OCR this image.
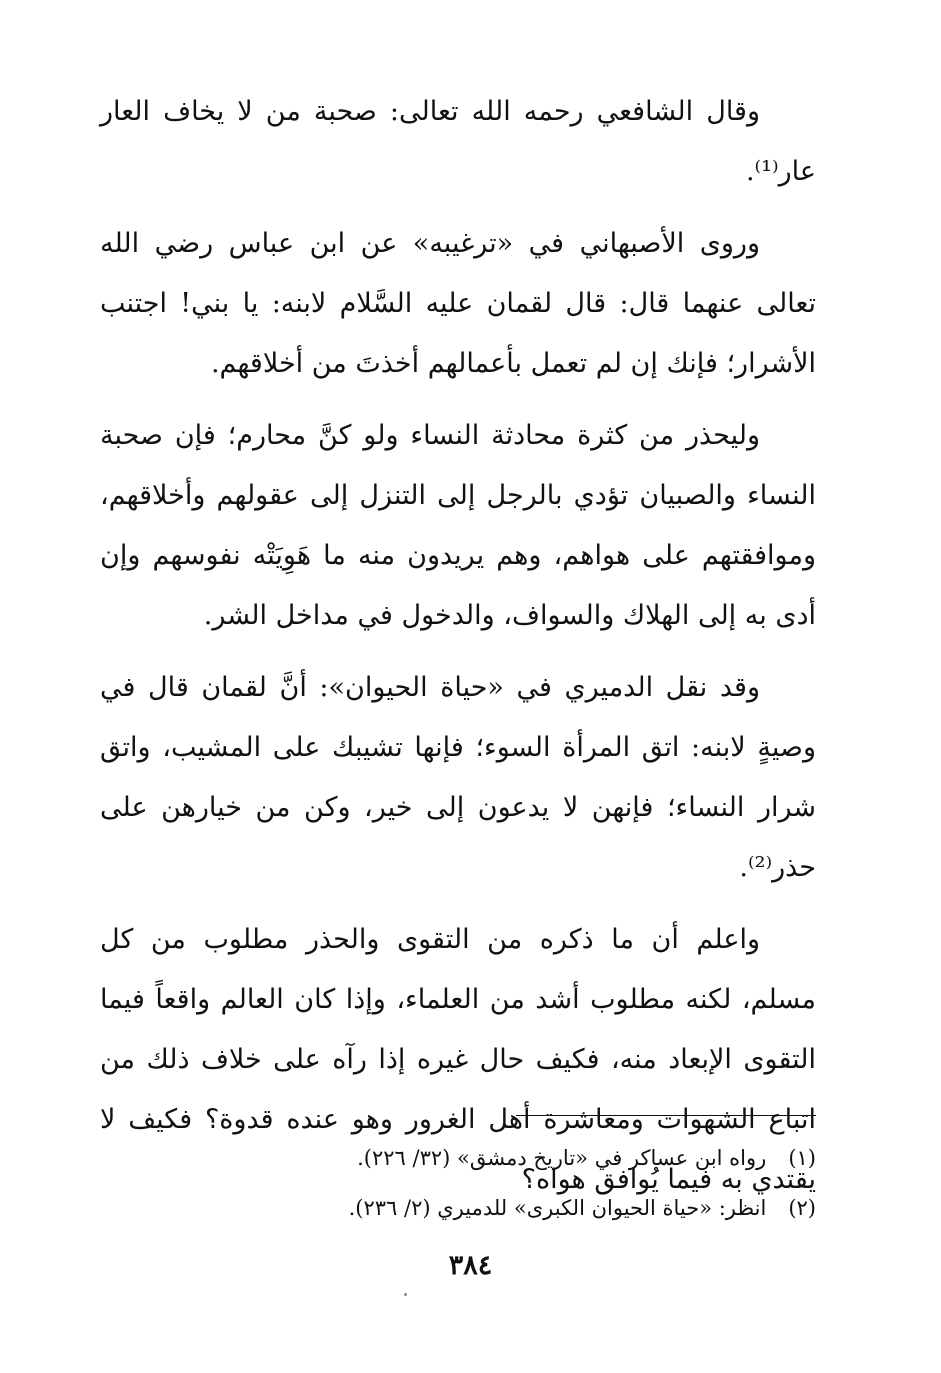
وقال الشافعي رحمه الله تعالى: صحبة من لا يخاف العار عار⁽¹⁾.

وروى الأصبهاني في «ترغيبه» عن ابن عباس رضي الله تعالى عنهما قال: قال لقمان عليه السَّلام لابنه: يا بني! اجتنب الأشرار؛ فإنك إن لم تعمل بأعمالهم أخذتَ من أخلاقهم.

وليحذر من كثرة محادثة النساء ولو كنَّ محارم؛ فإن صحبة النساء والصبيان تؤدي بالرجل إلى التنزل إلى عقولهم وأخلاقهم، وموافقتهم على هواهم، وهم يريدون منه ما هَوِيَتْه نفوسهم وإن أدى به إلى الهلاك والسواف، والدخول في مداخل الشر.

وقد نقل الدميري في «حياة الحيوان»: أنَّ لقمان قال في وصيةٍ لابنه: اتق المرأة السوء؛ فإنها تشيبك على المشيب، واتق شرار النساء؛ فإنهن لا يدعون إلى خير، وكن من خيارهن على حذر⁽²⁾.

واعلم أن ما ذكره من التقوى والحذر مطلوب من كل مسلم، لكنه مطلوب أشد من العلماء، وإذا كان العالم واقعاً فيما التقوى الإبعاد منه، فكيف حال غيره إذا رآه على خلاف ذلك من اتباع الشهوات ومعاشرة أهل الغرور وهو عنده قدوة؟ فكيف لا يقتدي به فيما يُوافق هواه؟

(١)رواه ابن عساكر في «تاريخ دمشق» (٣٢/ ٢٢٦).

(٢)انظر: «حياة الحيوان الكبرى» للدميري (٢/ ٢٣٦).

٣٨٤
